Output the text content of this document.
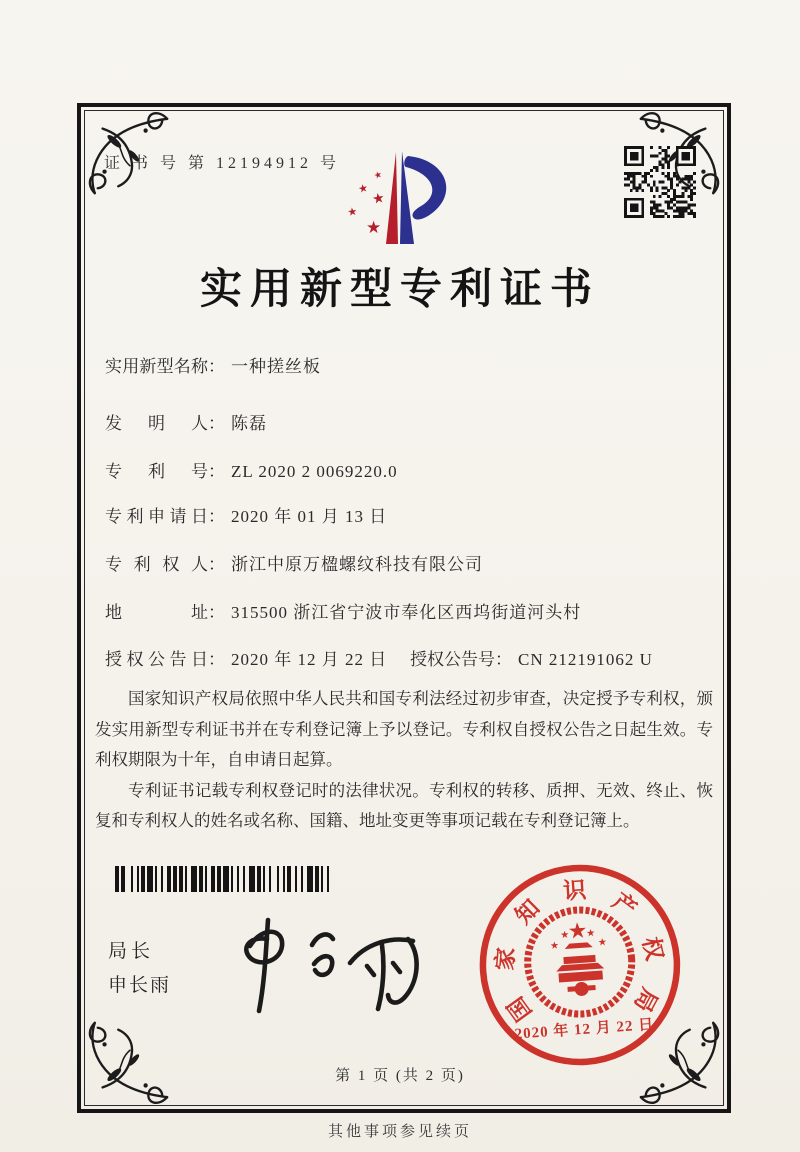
证 书 号 第 12194912 号
★
★
★
★
★
实用新型专利证书
实用新型名称： 一种搓丝板
发明人： 陈磊
专利号： ZL 2020 2 0069220.0
专利申请日： 2020 年 01 月 13 日
专利权人： 浙江中原万楹螺纹科技有限公司
地址： 315500 浙江省宁波市奉化区西坞街道河头村
授权公告日： 2020 年 12 月 22 日 授权公告号： CN 212191062 U

国家知识产权局依照中华人民共和国专利法经过初步审查，决定授予专利权，颁发实用新型专利证书并在专利登记簿上予以登记。专利权自授权公告之日起生效。专利权期限为十年，自申请日起算。

专利证书记载专利权登记时的法律状况。专利权的转移、质押、无效、终止、恢复和专利权人的姓名或名称、国籍、地址变更等事项记载在专利登记簿上。

局长
申长雨
国
家
知
识 产
权
局
★
★
★ ★
★
2020 年 12 月 22 日
第 1 页 (共 2 页)
其他事项参见续页
